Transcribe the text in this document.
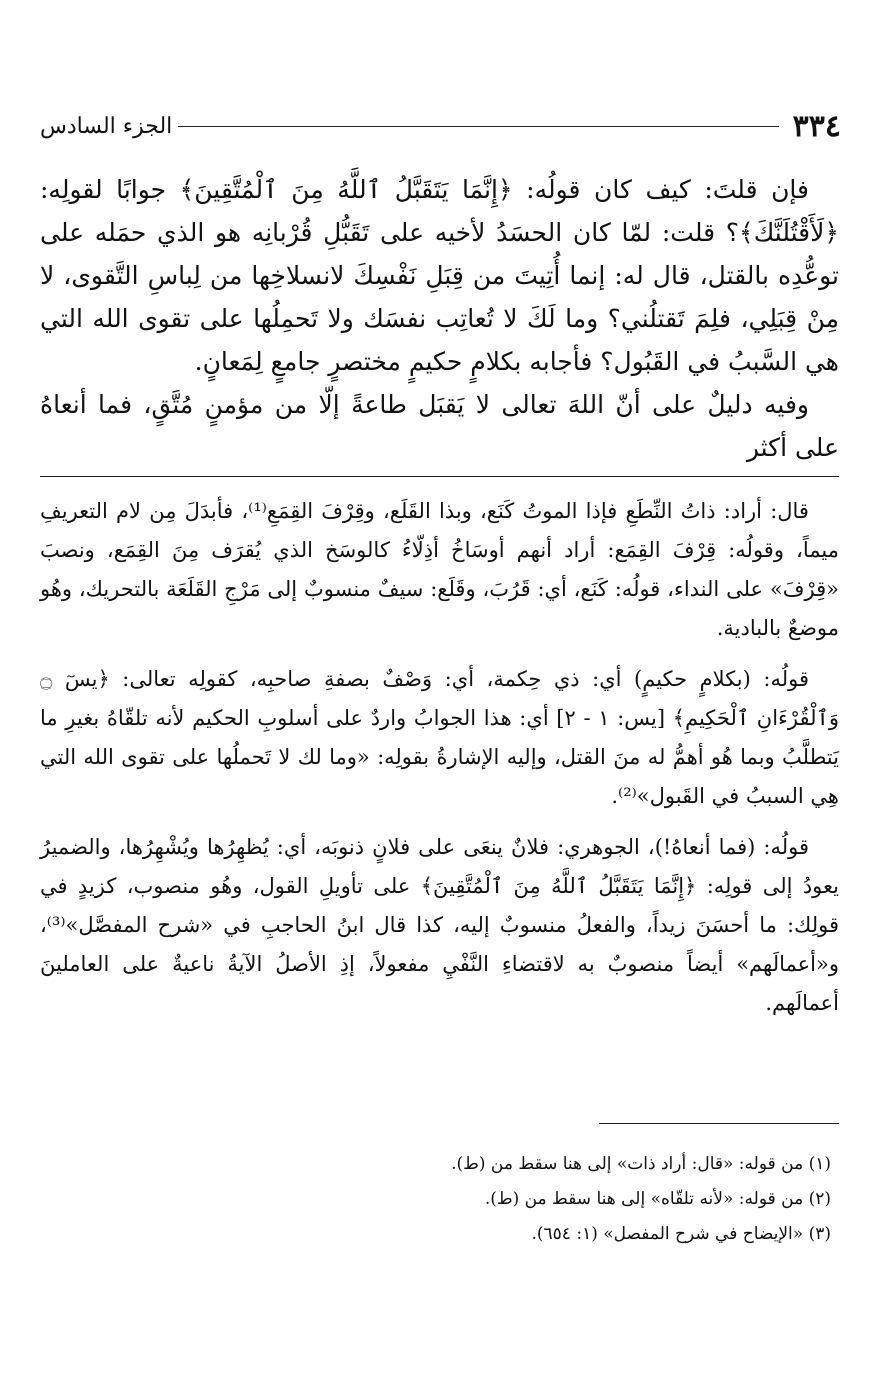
٣٣٤
الجزء السادس

فإن قلتَ: كيف كان قولُه: ﴿إِنَّمَا يَتَقَبَّلُ ٱللَّهُ مِنَ ٱلْمُتَّقِينَ﴾ جوابًا لقولِه: ﴿لَأَقْتُلَنَّكَ﴾؟ قلت: لمّا كان الحسَدُ لأخيه على تَقَبُّلِ قُرْبانِه هو الذي حمَله على توعُّدِه بالقتل، قال له: إنما أُتِيتَ من قِبَلِ نَفْسِكَ لانسلاخِها من لِباسِ التَّقوى، لا مِنْ قِبَلِي، فلِمَ تَقتلُني؟ وما لَكَ لا تُعاتِب نفسَك ولا تَحمِلُها على تقوى الله التي هي السَّببُ في القَبُول؟ فأجابه بكلامٍ حكيمٍ مختصرٍ جامعٍ لِمَعانٍ.

وفيه دليلٌ على أنّ اللهَ تعالى لا يَقبَل طاعةً إلّا من مؤمنٍ مُتَّقٍ، فما أنعاهُ على أكثر

قال: أراد: ذاتُ النِّطَعِ فإذا الموتُ كَنَع، وبذا القَلَع، وقِرْفَ القِمَعِ⁽¹⁾، فأبدَلَ مِن لام التعريفِ ميماً، وقولُه: قِرْفَ القِمَع: أراد أنهم أوسَاخُ أذِلّاءُ كالوسَخ الذي يُقرَف مِنَ القِمَع، ونصبَ «قِرْفَ» على النداء، قولُه: كَنَع، أي: قَرُبَ، وقَلَع: سيفٌ منسوبٌ إلى مَرْجِ القَلَعَة بالتحريك، وهُو موضعٌ بالبادية.

قولُه: (بكلامٍ حكيمٍ) أي: ذي حِكمة، أي: وَصْفٌ بصفةِ صاحبِه، كقولِه تعالى: ﴿يسٓ ۝ وَٱلْقُرْءَانِ ٱلْحَكِيمِ﴾ [يس: ١ - ٢] أي: هذا الجوابُ واردٌ على أسلوبِ الحكيم لأنه تلقّاهُ بغيرِ ما يَتطلَّبُ وبما هُو أهمُّ له منَ القتل، وإليه الإشارةُ بقولِه: «وما لك لا تَحملُها على تقوى الله التي هِي السببُ في القَبول»⁽²⁾.

قولُه: (فما أنعاهُ!)، الجوهري: فلانٌ ينعَى على فلانٍ ذنوبَه، أي: يُظهِرُها ويُشْهِرُها، والضميرُ يعودُ إلى قولِه: ﴿إِنَّمَا يَتَقَبَّلُ ٱللَّهُ مِنَ ٱلْمُتَّقِينَ﴾ على تأويلِ القول، وهُو منصوب، كزيدٍ في قولِك: ما أحسَنَ زيداً، والفعلُ منسوبٌ إليه، كذا قال ابنُ الحاجبِ في «شرح المفصَّل»⁽³⁾، و«أعمالَهم» أيضاً منصوبٌ به لاقتضاءِ النَّفْيِ مفعولاً، إذِ الأصلُ الآيةُ ناعيةٌ على العاملينَ أعمالَهم.

(١) من قوله: «قال: أراد ذات» إلى هنا سقط من (ط).
(٢) من قوله: «لأنه تلقّاه» إلى هنا سقط من (ط).
(٣) «الإيضاح في شرح المفصل» (١: ٦٥٤).
